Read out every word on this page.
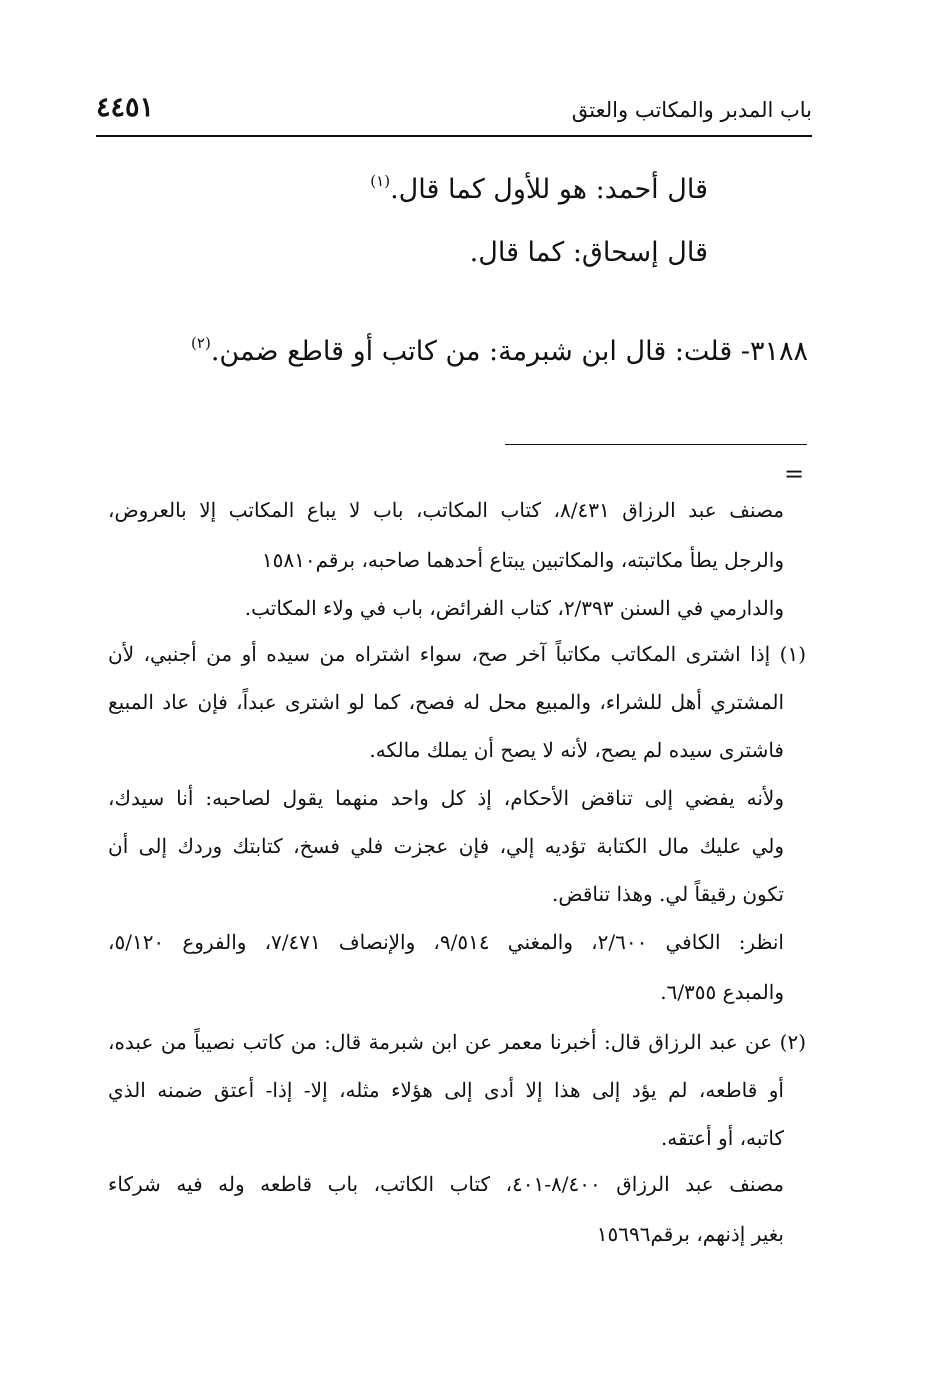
باب المدبر والمكاتب والعتق
٤٤٥١
قال أحمد: هو للأول كما قال.$^{(١)}$
قال إسحاق: كما قال.
٣١٨٨- قلت: قال ابن شبرمة: من كاتب أو قاطع ضمن.$^{(٢)}$
=
مصنف عبد الرزاق ٨/٤٣١، كتاب المكاتب، باب لا يباع المكاتب إلا بالعروض،
والرجل يطأ مكاتبته، والمكاتبين يبتاع أحدهما صاحبه، برقم١٥٨١٠
والدارمي في السنن ٢/٣٩٣، كتاب الفرائض، باب في ولاء المكاتب.
(١) إذا اشترى المكاتب مكاتباً آخر صح، سواء اشتراه من سيده أو من أجنبي، لأن
المشتري أهل للشراء، والمبيع محل له فصح، كما لو اشترى عبداً، فإن عاد المبيع
فاشترى سيده لم يصح، لأنه لا يصح أن يملك مالكه.
ولأنه يفضي إلى تناقض الأحكام، إذ كل واحد منهما يقول لصاحبه: أنا سيدك،
ولي عليك مال الكتابة تؤديه إلي، فإن عجزت فلي فسخ، كتابتك وردك إلى أن
تكون رقيقاً لي. وهذا تناقض.
انظر: الكافي ٢/٦٠٠، والمغني ٩/٥١٤، والإنصاف ٧/٤٧١، والفروع ٥/١٢٠،
والمبدع ٦/٣٥٥.
(٢) عن عبد الرزاق قال: أخبرنا معمر عن ابن شبرمة قال: من كاتب نصيباً من عبده،
أو قاطعه، لم يؤد إلى هذا إلا أدى إلى هؤلاء مثله، إلا- إذا- أعتق ضمنه الذي
كاتبه، أو أعتقه.
مصنف عبد الرزاق ٨/٤٠٠-٤٠١، كتاب الكاتب، باب قاطعه وله فيه شركاء
بغير إذنهم، برقم١٥٦٩٦
